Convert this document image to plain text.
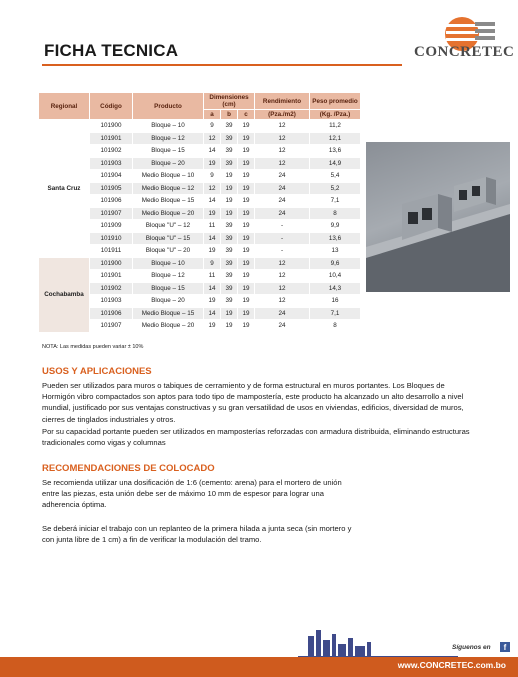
FICHA TECNICA	CONCRETEC
Regional	Código	Producto	Dimensiones (cm)			Rendimiento	Peso promedio
			a	b	c	(Pza./m2)	(Kg. /Pza.)
Santa Cruz	101900	Bloque – 10	9	39	19	12	11,2
	101901	Bloque – 12	12	39	19	12	12,1
	101902	Bloque – 15	14	39	19	12	13,6
	101903	Bloque – 20	19	39	19	12	14,9
	101904	Medio Bloque – 10	9	19	19	24	5,4
	101905	Medio Bloque – 12	12	19	19	24	5,2
	101906	Medio Bloque – 15	14	19	19	24	7,1
	101907	Medio Bloque – 20	19	19	19	24	8
	101909	Bloque "U" – 12	11	39	19	-	9,9
	101910	Bloque "U" – 15	14	39	19	-	13,6
	101911	Bloque "U" – 20	19	39	19	-	13
Cochabamba	101900	Bloque – 10	9	39	19	12	9,6
	101901	Bloque – 12	11	39	19	12	10,4
	101902	Bloque – 15	14	39	19	12	14,3
	101903	Bloque – 20	19	39	19	12	16
	101906	Medio Bloque – 15	14	19	19	24	7,1
	101907	Medio Bloque – 20	19	19	19	24	8
NOTA: Las medidas pueden variar ± 10%
USOS Y APLICACIONES

Pueden ser utilizados para muros o tabiques de cerramiento y de forma estructural en muros portantes. Los Bloques de Hormigón vibro compactados son aptos para todo tipo de mampostería, este producto ha alcanzado un alto desarrollo a nivel mundial, justificado por sus ventajas constructivas y su gran versatilidad de usos en viviendas, edificios, diversidad de muros, cierres de tinglados industriales y otros.

Por su capacidad portante pueden ser utilizados en mamposterías reforzadas con armadura distribuida, eliminando estructuras tradicionales como vigas y columnas

RECOMENDACIONES DE COLOCADO

Se recomienda utilizar una dosificación de 1:6 (cemento: arena) para el mortero de unión entre las piezas, esta unión debe ser de máximo 10 mm de espesor para lograr una adherencia óptima.

Se deberá iniciar el trabajo con un replanteo de la primera hilada a junta seca (sin mortero y con junta libre de 1 cm) a fin de verificar la modulación del tramo.

Síguenos en	f
www.CONCRETEC.com.bo
